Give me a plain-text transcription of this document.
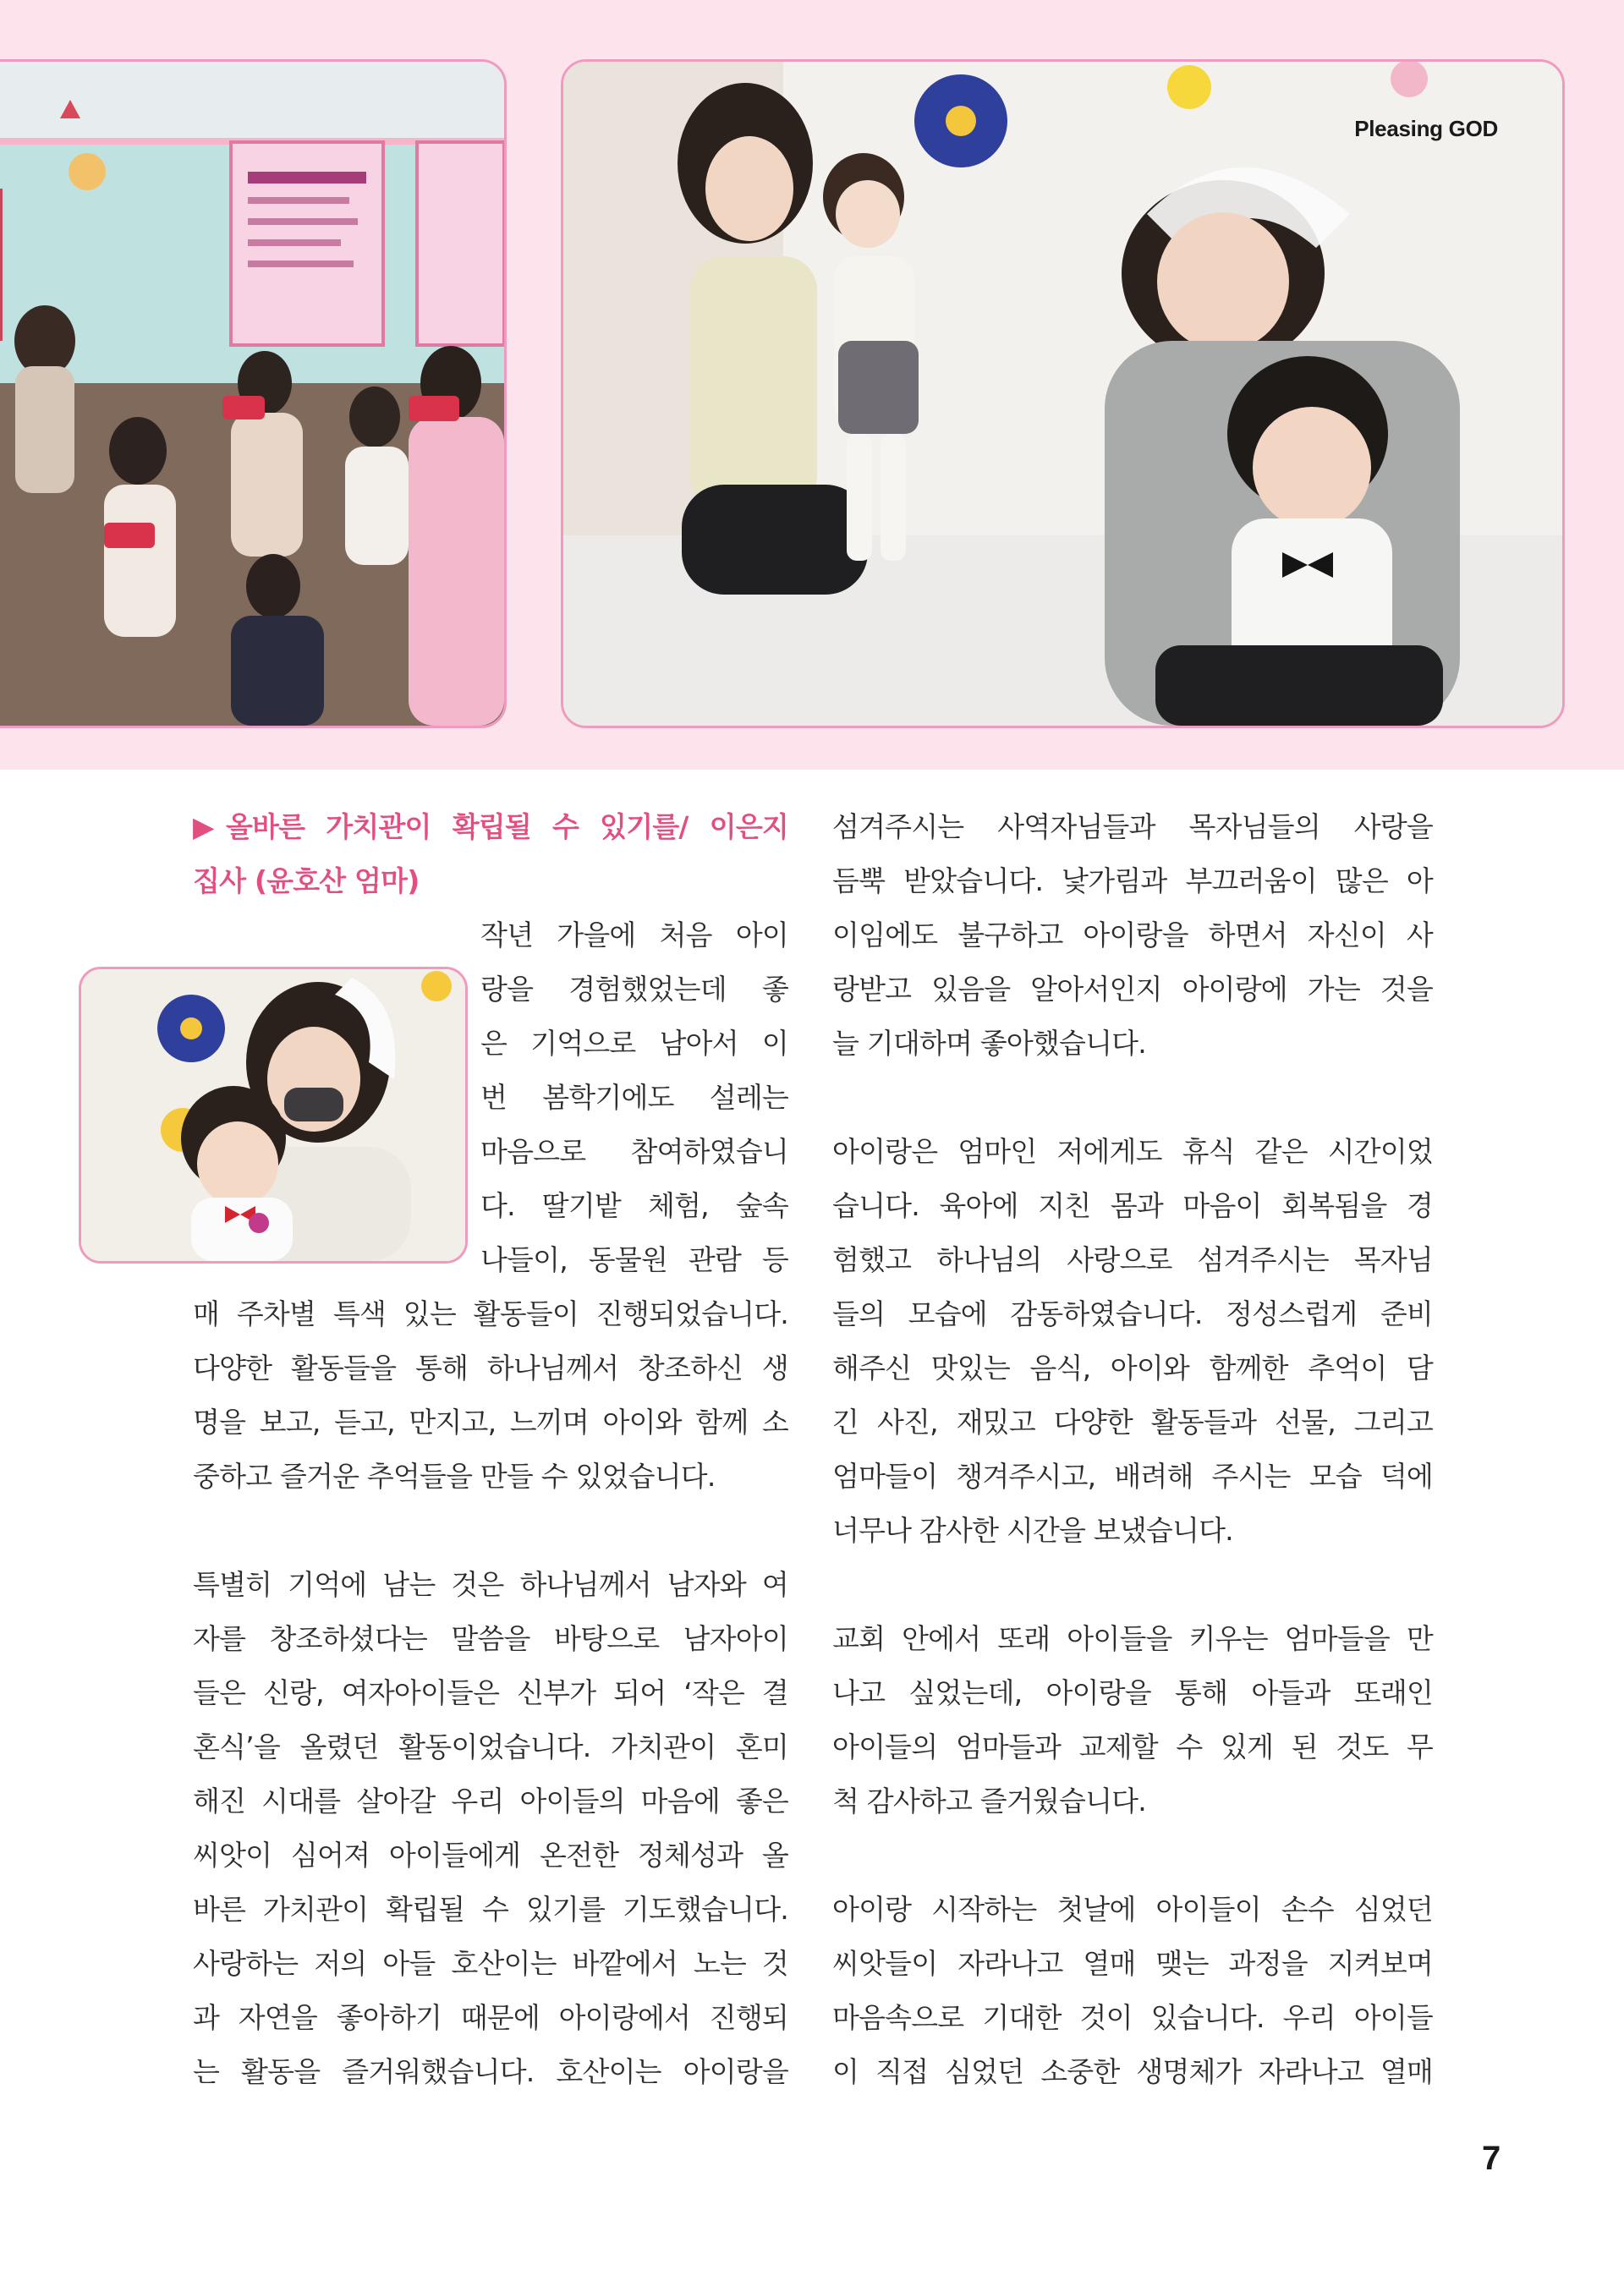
Pleasing GOD
▶올바른 가치관이 확립될 수 있기를/ 이은지
집사 (윤호산 엄마)

작년 가을에 처음 아이
랑을 경험했었는데 좋
은 기억으로 남아서 이
번 봄학기에도 설레는
마음으로 참여하였습니
다. 딸기밭 체험, 숲속
나들이, 동물원 관람 등
매 주차별 특색 있는 활동들이 진행되었습니다.
다양한 활동들을 통해 하나님께서 창조하신 생
명을 보고, 듣고, 만지고, 느끼며 아이와 함께 소
중하고 즐거운 추억들을 만들 수 있었습니다.

특별히 기억에 남는 것은 하나님께서 남자와 여
자를 창조하셨다는 말씀을 바탕으로 남자아이
들은 신랑, 여자아이들은 신부가 되어 ‘작은 결
혼식’을 올렸던 활동이었습니다. 가치관이 혼미
해진 시대를 살아갈 우리 아이들의 마음에 좋은
씨앗이 심어져 아이들에게 온전한 정체성과 올
바른 가치관이 확립될 수 있기를 기도했습니다.
사랑하는 저의 아들 호산이는 바깥에서 노는 것
과 자연을 좋아하기 때문에 아이랑에서 진행되
는 활동을 즐거워했습니다. 호산이는 아이랑을

섬겨주시는 사역자님들과 목자님들의 사랑을
듬뿍 받았습니다. 낯가림과 부끄러움이 많은 아
이임에도 불구하고 아이랑을 하면서 자신이 사
랑받고 있음을 알아서인지 아이랑에 가는 것을
늘 기대하며 좋아했습니다.

아이랑은 엄마인 저에게도 휴식 같은 시간이었
습니다. 육아에 지친 몸과 마음이 회복됨을 경
험했고 하나님의 사랑으로 섬겨주시는 목자님
들의 모습에 감동하였습니다. 정성스럽게 준비
해주신 맛있는 음식, 아이와 함께한 추억이 담
긴 사진, 재밌고 다양한 활동들과 선물, 그리고
엄마들이 챙겨주시고, 배려해 주시는 모습 덕에
너무나 감사한 시간을 보냈습니다.

교회 안에서 또래 아이들을 키우는 엄마들을 만
나고 싶었는데, 아이랑을 통해 아들과 또래인
아이들의 엄마들과 교제할 수 있게 된 것도 무
척 감사하고 즐거웠습니다.

아이랑 시작하는 첫날에 아이들이 손수 심었던
씨앗들이 자라나고 열매 맺는 과정을 지켜보며
마음속으로 기대한 것이 있습니다. 우리 아이들
이 직접 심었던 소중한 생명체가 자라나고 열매

7
